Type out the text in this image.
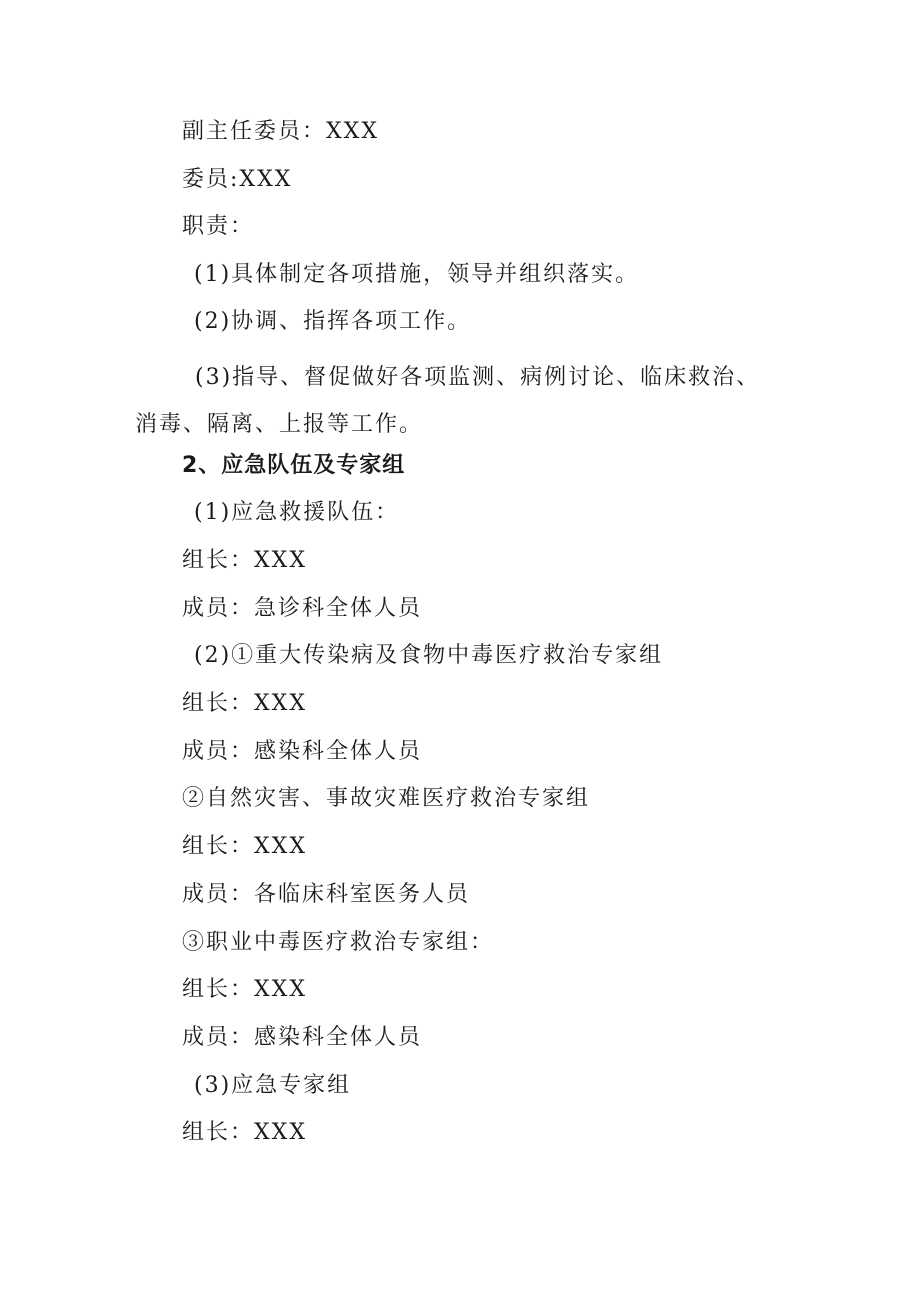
副主任委员：XXX
委员:XXX
职责：
(1)具体制定各项措施，领导并组织落实。
(2)协调、指挥各项工作。
(3)指导、督促做好各项监测、病例讨论、临床救治、消毒、隔离、上报等工作。
2、应急队伍及专家组
(1)应急救援队伍：
组长：XXX
成员：急诊科全体人员
(2)①重大传染病及食物中毒医疗救治专家组
组长：XXX
成员：感染科全体人员
②自然灾害、事故灾难医疗救治专家组
组长：XXX
成员：各临床科室医务人员
③职业中毒医疗救治专家组：
组长：XXX
成员：感染科全体人员
(3)应急专家组
组长：XXX
